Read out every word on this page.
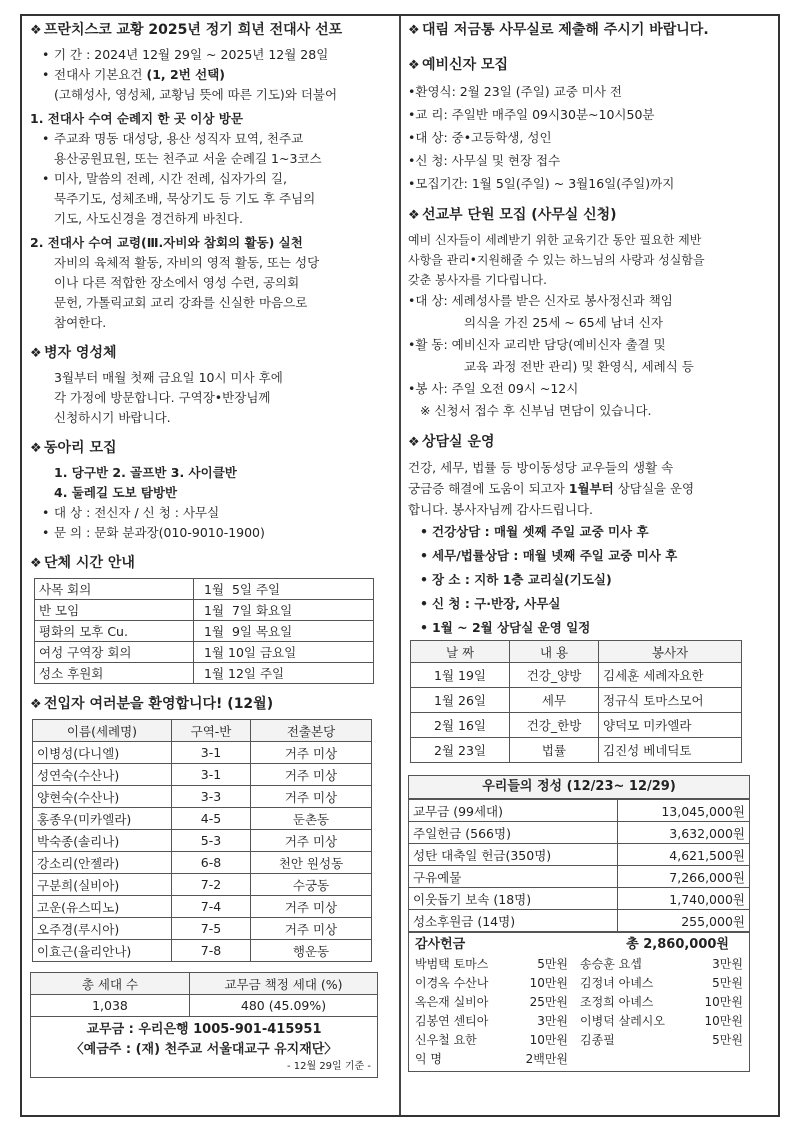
❖ 프란치스코 교황 2025년 정기 희년 전대사 선포
• 기 간 : 2024년 12월 29일 ~ 2025년 12월 28일
• 전대사 기본요건 (1, 2번 선택)
(고해성사, 영성체, 교황님 뜻에 따른 기도)와 더불어
1. 전대사 수여 순례지 한 곳 이상 방문
• 주교좌 명동 대성당, 용산 성직자 묘역, 천주교
용산공원묘원, 또는 천주교 서울 순례길 1~3코스
• 미사, 말씀의 전례, 시간 전례, 십자가의 길,
묵주기도, 성체조배, 묵상기도 등 기도 후 주님의
기도, 사도신경을 경건하게 바친다.
2. 전대사 수여 교령(Ⅲ.자비와 참회의 활동) 실천
자비의 육체적 활동, 자비의 영적 활동, 또는 성당
이나 다른 적합한 장소에서 영성 수련, 공의회
문헌, 가톨릭교회 교리 강좌를 신실한 마음으로
참여한다.
❖ 병자 영성체
3월부터 매월 첫째 금요일 10시 미사 후에
각 가정에 방문합니다. 구역장•반장님께
신청하시기 바랍니다.
❖ 동아리 모집
1. 당구반 2. 골프반 3. 사이클반
4. 둘레길 도보 탐방반
• 대 상 : 전신자 / 신 청 : 사무실
• 문 의 : 문화 분과장(010-9010-1900)
❖ 단체 시간 안내
사목 회의	1월  5일 주일
반 모임	1월  7일 화요일
평화의 모후 Cu.	1월  9일 목요일
여성 구역장 회의	1월 10일 금요일
성소 후원회	1월 12일 주일
❖ 전입자 여러분을 환영합니다! (12월)
이름(세례명)	구역-반	전출본당
이병성(다니엘)	3-1	거주 미상
성연숙(수산나)	3-1	거주 미상
양현숙(수산나)	3-3	거주 미상
홍종우(미카엘라)	4-5	둔촌동
박숙종(솔리나)	5-3	거주 미상
강소리(안젤라)	6-8	천안 원성동
구분희(실비아)	7-2	수궁동
고운(유스띠노)	7-4	거주 미상
오주경(루시아)	7-5	거주 미상
이효근(율리안나)	7-8	행운동
총 세대 수	교무금 책정 세대 (%)
1,038	480 (45.09%)

교무금 : 우리은행 1005-901-415951
〈예금주 : (재) 천주교 서울대교구 유지재단〉
- 12월 29일 기준 -	
❖ 대림 저금통 사무실로 제출해 주시기 바랍니다.
❖ 예비신자 모집
•환영식: 2월 23일 (주일) 교중 미사 전
•교 리: 주일반 매주일 09시30분~10시50분
•대 상: 중•고등학생, 성인
•신 청: 사무실 및 현장 접수
•모집기간: 1월 5일(주일) ~ 3월16일(주일)까지
❖ 선교부 단원 모집 (사무실 신청)
예비 신자들이 세례받기 위한 교육기간 동안 필요한 제반
사항을 관리•지원해줄 수 있는 하느님의 사랑과 성실함을
갖춘 봉사자를 기다립니다.
•대 상: 세례성사를 받은 신자로 봉사정신과 책임
의식을 가진 25세 ~ 65세 남녀 신자
•활 동: 예비신자 교리반 담당(예비신자 출결 및
교육 과정 전반 관리) 및 환영식, 세례식 등
•봉 사: 주일 오전 09시 ~12시
※ 신청서 접수 후 신부님 면담이 있습니다.
❖ 상담실 운영
건강, 세무, 법률 등 방이동성당 교우들의 생활 속
궁금증 해결에 도움이 되고자 1월부터 상담실을 운영
합니다. 봉사자님께 감사드립니다.
• 건강상담 : 매월 셋째 주일 교중 미사 후
• 세무/법률상담 : 매월 넷째 주일 교중 미사 후
• 장 소 : 지하 1층 교리실(기도실)
• 신 청 : 구·반장, 사무실
• 1월 ~ 2월 상담실 운영 일정
날 짜	내 용	봉사자
1월 19일	건강_양방	김세훈 세례자요한
1월 26일	세무	정규식 토마스모어
2월 16일	건강_한방	양덕모 미카엘라
2월 23일	법률	김진성 베네딕토
우리들의 정성 (12/23~ 12/29)
교무금 (99세대)	13,045,000원
주일헌금 (566명)	3,632,000원
성탄 대축일 헌금(350명)	4,621,500원
구유예물	7,266,000원
이웃돕기 보속 (18명)	1,740,000원
성소후원금 (14명)	255,000원
감사헌금	총 2,860,000원
박범택 토마스	5만원	송승훈 요셉	3만원
이경옥 수산나	10만원	김정녀 아녜스	5만원
옥은재 실비아	25만원	조정희 아녜스	10만원
김봉연 센티아	3만원	이병덕 살레시오	10만원
신우철 요한	10만원	김종필	5만원
익 명	2백만원
